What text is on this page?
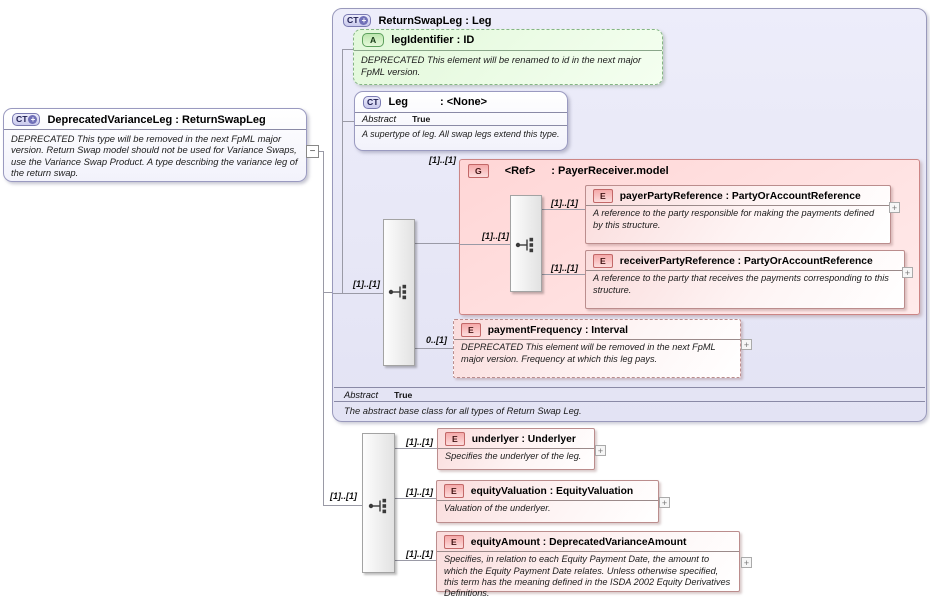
CT + DeprecatedVarianceLeg : ReturnSwapLeg
DEPRECATED This type will be removed in the next FpML major version. Return Swap model should not be used for Variance Swaps, use the Variance Swap Product. A type describing the variance leg of the return swap.
−
CT + ReturnSwapLeg : Leg
A	legIdentifier : ID
DEPRECATED This element will be renamed to id in the next major FpML version.
CT Leg	: <None>
Abstract True
A supertype of leg. All swap legs extend this type.
G	<Ref> : PayerReceiver.model
[1]..[1]
[1]..[1]
[1]..[1]
E	payerPartyReference : PartyOrAccountReference
A reference to the party responsible for making the payments defined by this structure.
E	receiverPartyReference : PartyOrAccountReference
A reference to the party that receives the payments corresponding to this structure.
E	paymentFrequency : Interval
DEPRECATED This element will be removed in the next FpML major version. Frequency at which this leg pays.
[1]..[1]
[1]..[1]
0..[1]
Abstract True
The abstract base class for all types of Return Swap Leg.
[1]..[1]
[1]..[1]
[1]..[1]
[1]..[1]
E	underlyer : Underlyer
Specifies the underlyer of the leg.
E	equityValuation : EquityValuation
Valuation of the underlyer.
E	equityAmount : DeprecatedVarianceAmount
Specifies, in relation to each Equity Payment Date, the amount to which the Equity Payment Date relates. Unless otherwise specified, this term has the meaning defined in the ISDA 2002 Equity Derivatives Definitions.
+
+
+
+
+
+
